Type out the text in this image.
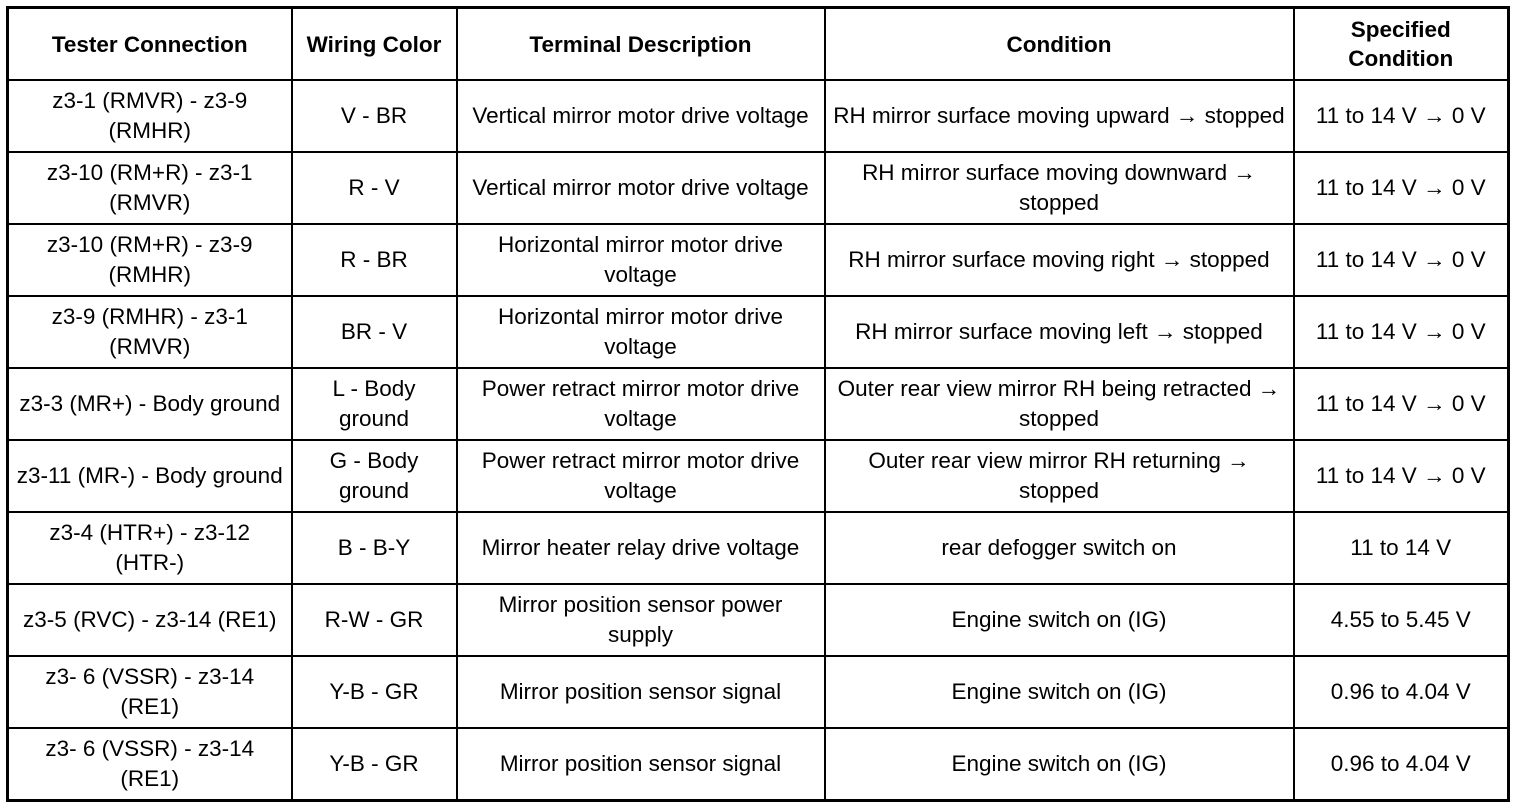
Tester Connection	Wiring Color	Terminal Description	Condition	Specified Condition
z3-1 (RMVR) - z3-9 (RMHR)	V - BR	Vertical mirror motor drive voltage	RH mirror surface moving upward → stopped	11 to 14 V → 0 V
z3-10 (RM+R) - z3-1 (RMVR)	R - V	Vertical mirror motor drive voltage	RH mirror surface moving downward → stopped	11 to 14 V → 0 V
z3-10 (RM+R) - z3-9 (RMHR)	R - BR	Horizontal mirror motor drive voltage	RH mirror surface moving right → stopped	11 to 14 V → 0 V
z3-9 (RMHR) - z3-1 (RMVR)	BR - V	Horizontal mirror motor drive voltage	RH mirror surface moving left → stopped	11 to 14 V → 0 V
z3-3 (MR+) - Body ground	L - Body ground	Power retract mirror motor drive voltage	Outer rear view mirror RH being retracted → stopped	11 to 14 V → 0 V
z3-11 (MR-) - Body ground	G - Body ground	Power retract mirror motor drive voltage	Outer rear view mirror RH returning → stopped	11 to 14 V → 0 V
z3-4 (HTR+) - z3-12 (HTR-)	B - B-Y	Mirror heater relay drive voltage	rear defogger switch on	11 to 14 V
z3-5 (RVC) - z3-14 (RE1)	R-W - GR	Mirror position sensor power supply	Engine switch on (IG)	4.55 to 5.45 V
z3- 6 (VSSR) - z3-14 (RE1)	Y-B - GR	Mirror position sensor signal	Engine switch on (IG)	0.96 to 4.04 V
z3- 6 (VSSR) - z3-14 (RE1)	Y-B - GR	Mirror position sensor signal	Engine switch on (IG)	0.96 to 4.04 V
